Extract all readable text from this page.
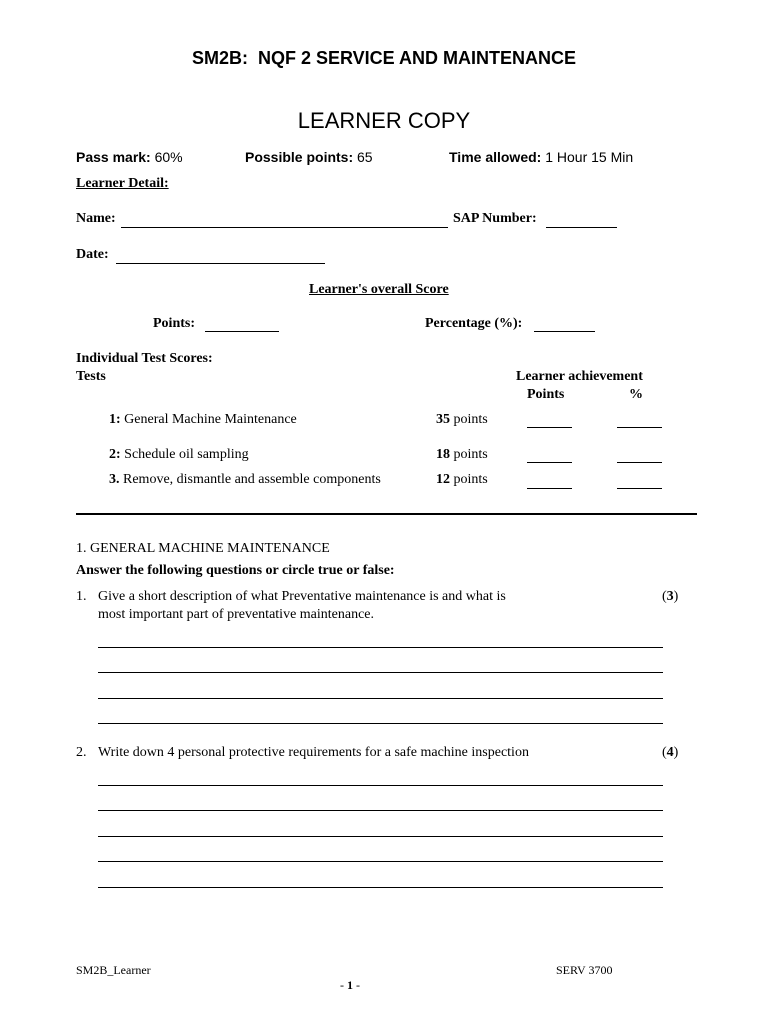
SM2B:  NQF 2 SERVICE AND MAINTENANCE
LEARNER COPY
Pass mark: 60%	Possible points: 65	Time allowed: 1 Hour 15 Min
Learner Detail:
Name:	SAP Number:
Date:
Learner's overall Score
Points:	Percentage (%):
Individual Test Scores:
Tests	Learner achievement
Points	%
1: General Machine Maintenance	35 points
2: Schedule oil sampling	18 points
3. Remove, dismantle and assemble components	12 points
1. GENERAL MACHINE MAINTENANCE
Answer the following questions or circle true or false:
1. Give a short description of what Preventative maintenance is and what is
most important part of preventative maintenance.
(3)
2. Write down 4 personal protective requirements for a safe machine inspection	(4)
SM2B_Learner

- 1 -

SERV 3700
